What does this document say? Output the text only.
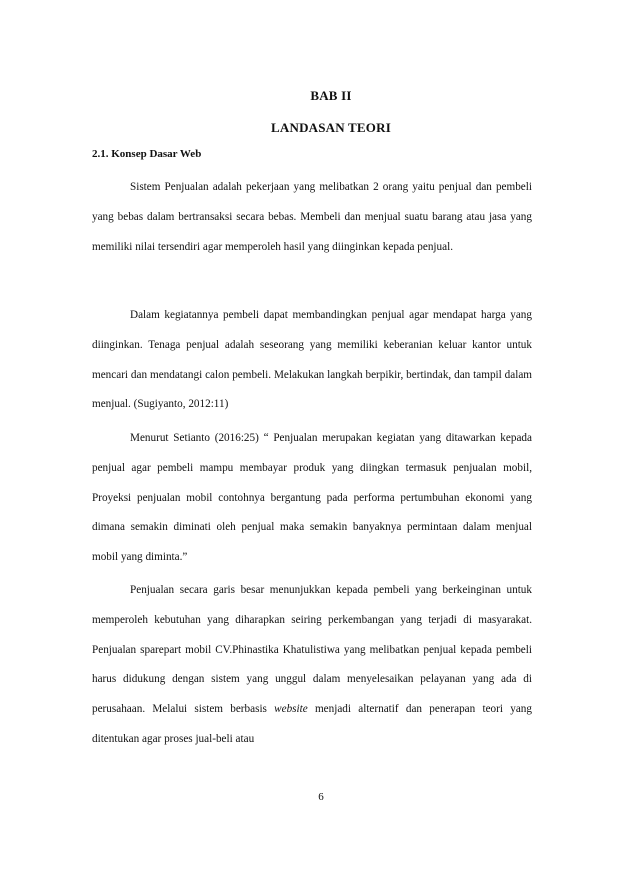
BAB II
LANDASAN TEORI
2.1. Konsep Dasar Web

Sistem Penjualan adalah pekerjaan yang melibatkan 2 orang yaitu penjual dan pembeli yang bebas dalam bertransaksi secara bebas. Membeli dan menjual suatu barang atau jasa yang memiliki nilai tersendiri agar memperoleh hasil yang diinginkan kepada penjual.

Dalam kegiatannya pembeli dapat membandingkan penjual agar mendapat harga yang diinginkan. Tenaga penjual adalah seseorang yang memiliki keberanian keluar kantor untuk mencari dan mendatangi calon pembeli. Melakukan langkah berpikir, bertindak, dan tampil dalam menjual. (Sugiyanto, 2012:11)

Menurut Setianto (2016:25) “ Penjualan merupakan kegiatan yang ditawarkan kepada penjual agar pembeli mampu membayar produk yang diingkan termasuk penjualan mobil, Proyeksi penjualan mobil contohnya bergantung pada performa pertumbuhan ekonomi yang dimana semakin diminati oleh penjual maka semakin banyaknya permintaan dalam menjual mobil yang diminta.”

Penjualan secara garis besar menunjukkan kepada pembeli yang berkeinginan untuk memperoleh kebutuhan yang diharapkan seiring perkembangan yang terjadi di masyarakat. Penjualan sparepart mobil CV.Phinastika Khatulistiwa yang melibatkan penjual kepada pembeli harus didukung dengan sistem yang unggul dalam menyelesaikan pelayanan yang ada di perusahaan. Melalui sistem berbasis website menjadi alternatif dan penerapan teori yang ditentukan agar proses jual-beli atau

6
